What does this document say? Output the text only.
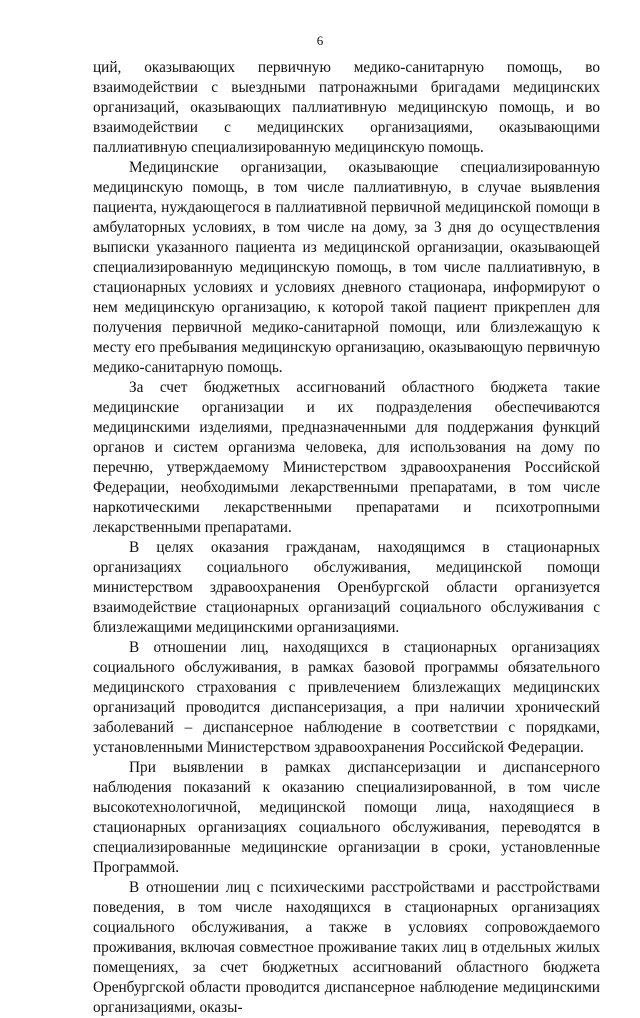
6

ций, оказывающих первичную медико-санитарную помощь, во взаимодействии с выездными патронажными бригадами медицинских организаций, оказывающих паллиативную медицинскую помощь, и во взаимодействии с медицинских организациями, оказывающими паллиативную специализированную медицинскую помощь.

Медицинские организации, оказывающие специализированную медицинскую помощь, в том числе паллиативную, в случае выявления пациента, нуждающегося в паллиативной первичной медицинской помощи в амбулаторных условиях, в том числе на дому, за 3 дня до осуществления выписки указанного пациента из медицинской организации, оказывающей специализированную медицинскую помощь, в том числе паллиативную, в стационарных условиях и условиях дневного стационара, информируют о нем медицинскую организацию, к которой такой пациент прикреплен для получения первичной медико-санитарной помощи, или близлежащую к месту его пребывания медицинскую организацию, оказывающую первичную медико-санитарную помощь.

За счет бюджетных ассигнований областного бюджета такие медицинские организации и их подразделения обеспечиваются медицинскими изделиями, предназначенными для поддержания функций органов и систем организма человека, для использования на дому по перечню, утверждаемому Министерством здравоохранения Российской Федерации, необходимыми лекарственными препаратами, в том числе наркотическими лекарственными препаратами и психотропными лекарственными препаратами.

В целях оказания гражданам, находящимся в стационарных организациях социального обслуживания, медицинской помощи министерством здравоохранения Оренбургской области организуется взаимодействие стационарных организаций социального обслуживания с близлежащими медицинскими организациями.

В отношении лиц, находящихся в стационарных организациях социального обслуживания, в рамках базовой программы обязательного медицинского страхования с привлечением близлежащих медицинских организаций проводится диспансеризация, а при наличии хронический заболеваний – диспансерное наблюдение в соответствии с порядками, установленными Министерством здравоохранения Российской Федерации.

При выявлении в рамках диспансеризации и диспансерного наблюдения показаний к оказанию специализированной, в том числе высокотехнологичной, медицинской помощи лица, находящиеся в стационарных организациях социального обслуживания, переводятся в специализированные медицинские организации в сроки, установленные Программой.

В отношении лиц с психическими расстройствами и расстройствами поведения, в том числе находящихся в стационарных организациях социального обслуживания, а также в условиях сопровождаемого проживания, включая совместное проживание таких лиц в отдельных жилых помещениях, за счет бюджетных ассигнований областного бюджета Оренбургской области проводится диспансерное наблюдение медицинскими организациями, оказы-
